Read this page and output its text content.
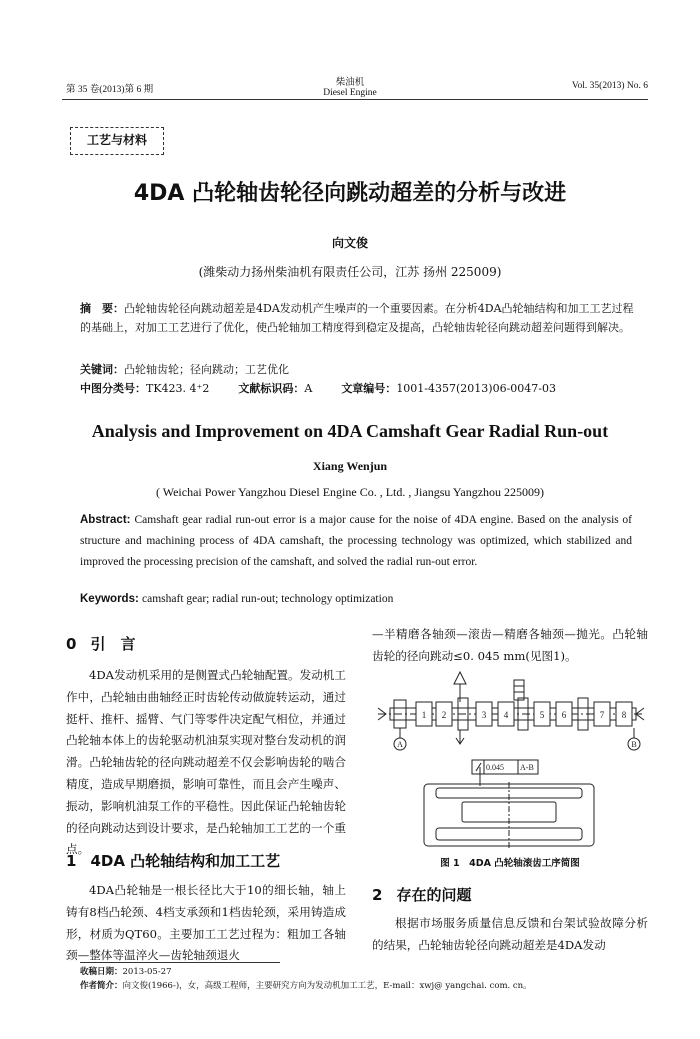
第 35 卷(2013)第 6 期
柴油机
Diesel Engine
Vol. 35(2013) No. 6
工艺与材料
4DA 凸轮轴齿轮径向跳动超差的分析与改进
向文俊
(潍柴动力扬州柴油机有限责任公司，江苏 扬州 225009)
摘　要：凸轮轴齿轮径向跳动超差是4DA发动机产生噪声的一个重要因素。在分析4DA凸轮轴结构和加工工艺过程的基础上，对加工工艺进行了优化，使凸轮轴加工精度得到稳定及提高，凸轮轴齿轮径向跳动超差问题得到解决。
关键词：凸轮轴齿轮；径向跳动；工艺优化
中图分类号：TK423. 4⁺2	文献标识码：A	文章编号：1001-4357(2013)06-0047-03
Analysis and Improvement on 4DA Camshaft Gear Radial Run-out
Xiang Wenjun
( Weichai Power Yangzhou Diesel Engine Co. , Ltd. , Jiangsu Yangzhou 225009)
Abstract: Camshaft gear radial run-out error is a major cause for the noise of 4DA engine. Based on the analysis of structure and machining process of 4DA camshaft, the processing technology was optimized, which stabilized and improved the processing precision of the camshaft, and solved the radial run-out error.
Keywords: camshaft gear; radial run-out; technology optimization
0 引　言
4DA发动机采用的是侧置式凸轮轴配置。发动机工作中，凸轮轴由曲轴经正时齿轮传动做旋转运动，通过挺杆、推杆、摇臂、气门等零件决定配气相位，并通过凸轮轴本体上的齿轮驱动机油泵实现对整台发动机的润滑。凸轮轴齿轮的径向跳动超差不仅会影响齿轮的啮合精度，造成早期磨损，影响可靠性，而且会产生噪声、振动，影响机油泵工作的平稳性。因此保证凸轮轴齿轮的径向跳动达到设计要求，是凸轮轴加工工艺的一个重点。
1 4DA 凸轮轴结构和加工工艺
4DA凸轮轴是一根长径比大于10的细长轴，轴上铸有8档凸轮颈、4档支承颈和1档齿轮颈，采用铸造成形，材质为QT60。主要加工工艺过程为：粗加工各轴颈—整体等温淬火—齿轮轴颈退火
—半精磨各轴颈—滚齿—精磨各轴颈—抛光。凸轮轴齿轮的径向跳动≤0. 045 mm(见图1)。
1 2	3 4	5 6	7 8
A	B
0.045 A-B
图 1　4DA 凸轮轴滚齿工序简图
2 存在的问题
根据市场服务质量信息反馈和台架试验故障分析的结果，凸轮轴齿轮径向跳动超差是4DA发动
收稿日期：2013-05-27
作者简介：向文俊(1966-)，女，高级工程师，主要研究方向为发动机加工工艺，E-mail：xwj@ yangchai. com. cn。
